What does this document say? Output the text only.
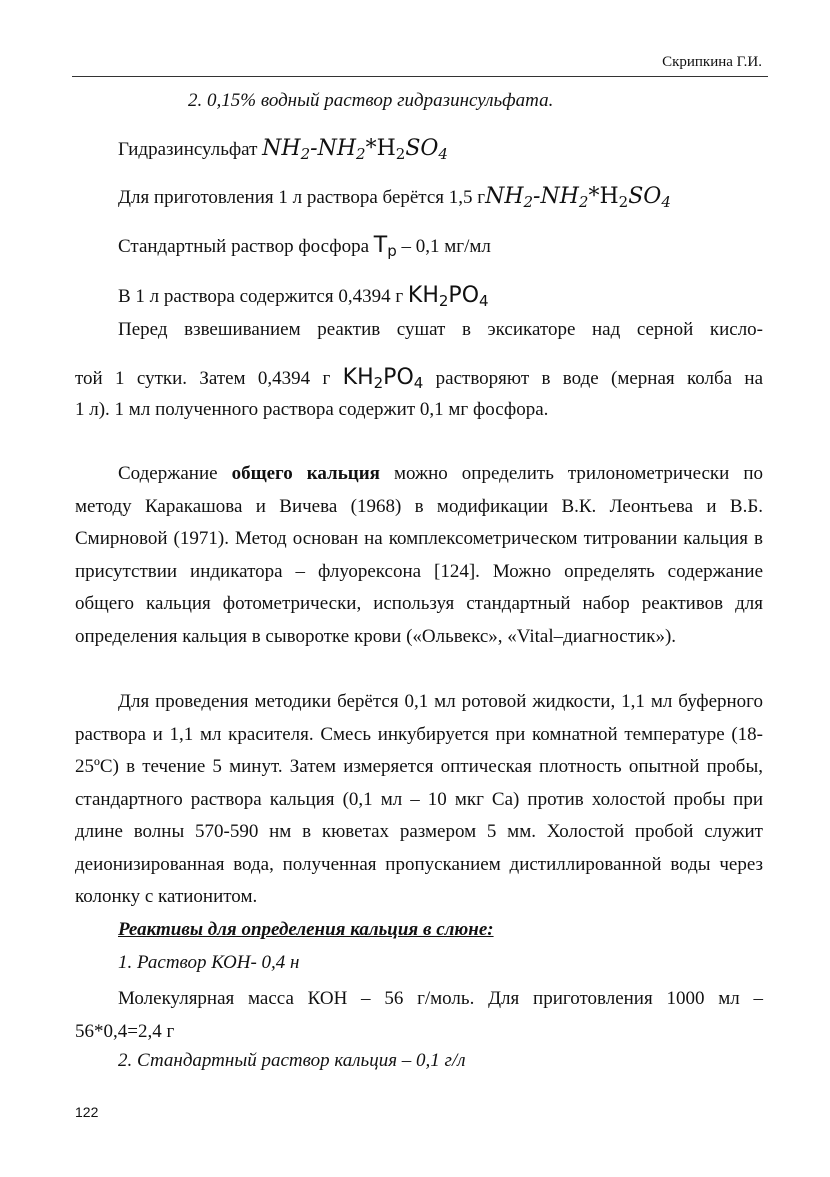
Скрипкина Г.И.
2. 0,15% водный раствор гидразинсульфата.
Гидразинсульфат $NH_2-NH_2*H_2SO_4$
Для приготовления 1 л раствора берётся 1,5 $гNH_2-NH_2*H_2SO_4$
Стандартный раствор фосфора $T_p - 0,1$ мг/мл
В 1 л раствора содержится 0,4394 г $KH_2PO_4$
Перед взвешиванием реактив сушат в эксикаторе над серной кисло-
той 1 сутки. Затем 0,4394 г $KH_2PO_4$ растворяют в воде (мерная колба на
1 л). 1 мл полученного раствора содержит 0,1 мг фосфора.

Содержание общего кальция можно определить трилонометрически по методу Каракашова и Вичева (1968) в модификации В.К. Леонтьева и В.Б. Смирновой (1971). Метод основан на комплексометрическом титровании кальция в присутствии индикатора – флуорексона [124]. Можно определять содержание общего кальция фотометрически, используя стандартный набор реактивов для определения кальция в сыворотке крови («Ольвекс», «Vital–диагностик»).

Для проведения методики берётся 0,1 мл ротовой жидкости, 1,1 мл буферного раствора и 1,1 мл красителя. Смесь инкубируется при комнатной температуре (18-25ºС) в течение 5 минут. Затем измеряется оптическая плотность опытной пробы, стандартного раствора кальция (0,1 мл – 10 мкг Са) против холостой пробы при длине волны 570-590 нм в кюветах размером 5 мм. Холостой пробой служит деионизированная вода, полученная пропусканием дистиллированной воды через колонку с катионитом.

Реактивы для определения кальция в слюне:
1. Раствор КОН- 0,4 н

Молекулярная масса КОН – 56 г/моль. Для приготовления 1000 мл – 56*0,4=2,4 г

2. Стандартный раствор кальция – 0,1 г/л
122
